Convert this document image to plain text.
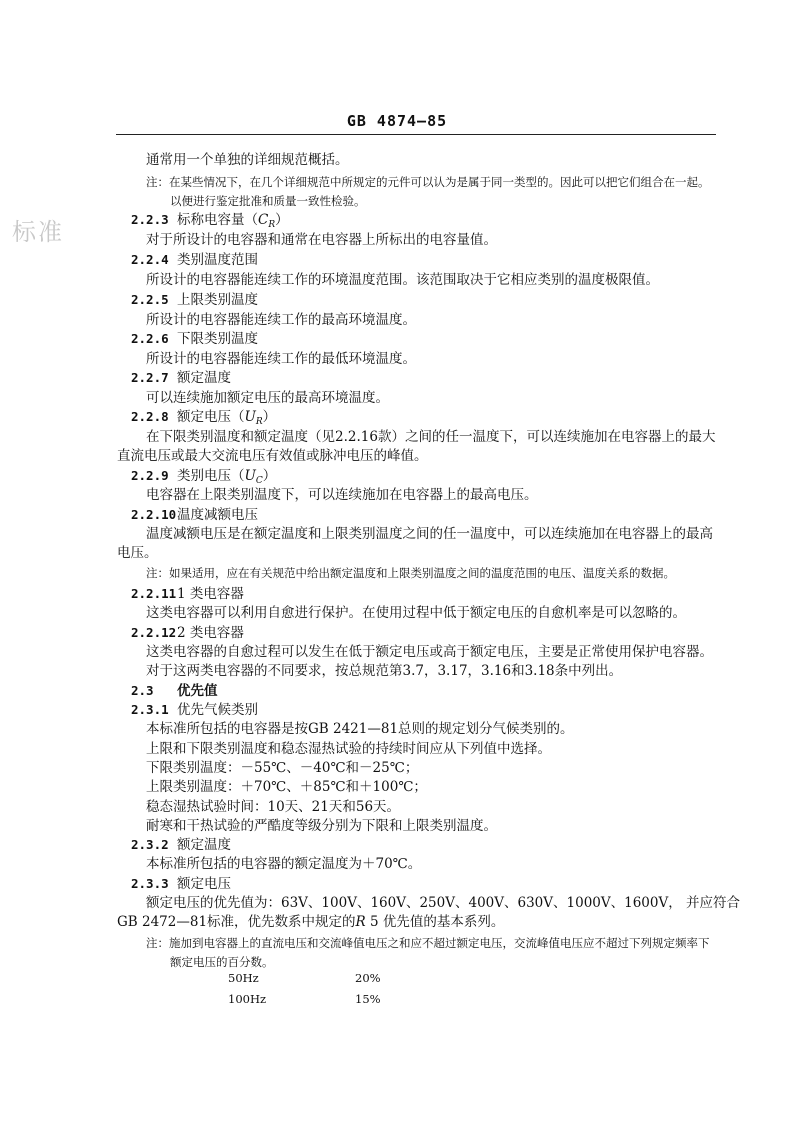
GB 4874—85
标准
通常用一个单独的详细规范概括。
注：在某些情况下，在几个详细规范中所规定的元件可以认为是属于同一类型的。因此可以把它们组合在一起。
以便进行鉴定批准和质量一致性检验。
2.2.3 标称电容量$(C_R)$
对于所设计的电容器和通常在电容器上所标出的电容量值。
2.2.4 类别温度范围
所设计的电容器能连续工作的环境温度范围。该范围取决于它相应类别的温度极限值。
2.2.5 上限类别温度
所设计的电容器能连续工作的最高环境温度。
2.2.6 下限类别温度
所设计的电容器能连续工作的最低环境温度。
2.2.7 额定温度
可以连续施加额定电压的最高环境温度。
2.2.8 额定电压$(U_R)$
在下限类别温度和额定温度（见2.2.16款）之间的任一温度下，可以连续施加在电容器上的最大
直流电压或最大交流电压有效值或脉冲电压的峰值。
2.2.9 类别电压$(U_C)$
电容器在上限类别温度下，可以连续施加在电容器上的最高电压。
2.2.10温度减额电压
温度减额电压是在额定温度和上限类别温度之间的任一温度中，可以连续施加在电容器上的最高
电压。
注：如果适用，应在有关规范中给出额定温度和上限类别温度之间的温度范围的电压、温度关系的数据。
2.2.111 类电容器
这类电容器可以利用自愈进行保护。在使用过程中低于额定电压的自愈机率是可以忽略的。
2.2.122 类电容器
这类电容器的自愈过程可以发生在低于额定电压或高于额定电压，主要是正常使用保护电容器。
对于这两类电容器的不同要求，按总规范第3.7，3.17，3.16和3.18条中列出。
2.3 优先值
2.3.1 优先气候类别
本标准所包括的电容器是按GB 2421—81总则的规定划分气候类别的。
上限和下限类别温度和稳态湿热试验的持续时间应从下列值中选择。
下限类别温度：－55℃、－40℃和－25℃；
上限类别温度：＋70℃、＋85℃和＋100℃；
稳态湿热试验时间：10天、21天和56天。
耐寒和干热试验的严酷度等级分别为下限和上限类别温度。
2.3.2 额定温度
本标准所包括的电容器的额定温度为＋70℃。
2.3.3 额定电压
额定电压的优先值为：63V、100V、160V、250V、400V、630V、1000V、1600V， 并应符合
GB 2472—81标准，优先数系中规定的R 5 优先值的基本系列。
注：施加到电容器上的直流电压和交流峰值电压之和应不超过额定电压，交流峰值电压应不超过下列规定频率下
额定电压的百分数。
50Hz	20%
100Hz	15%
